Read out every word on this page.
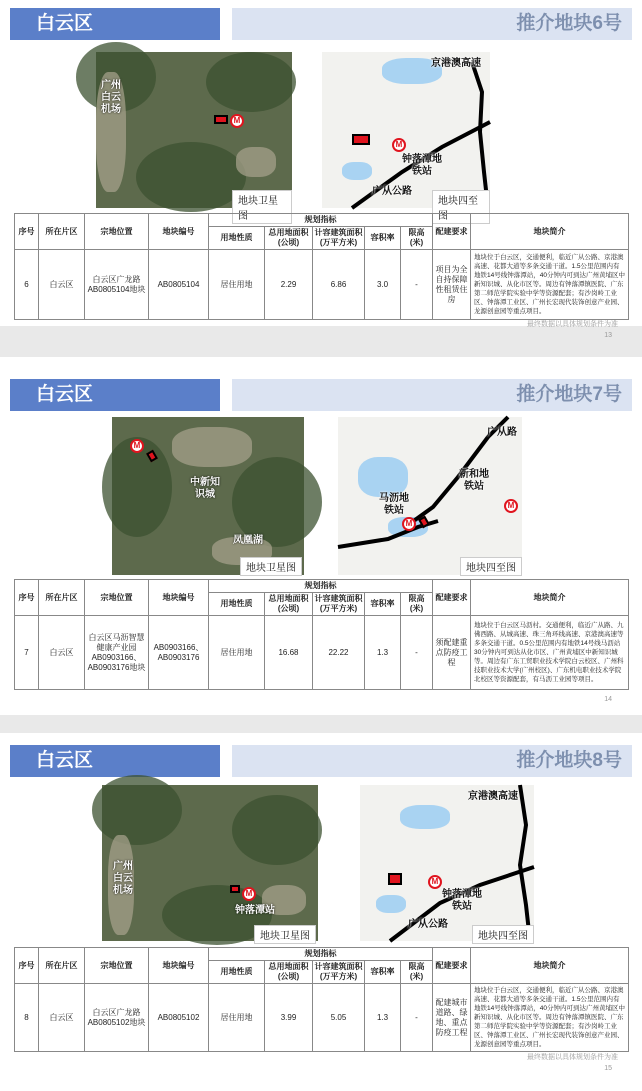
白云区	推介地块6号
广州白云机场
M
地块卫星图
京港澳高速
钟落潭地铁站
广从公路
M
地块四至图
序号	所在片区	宗地位置	地块编号	规划指标					配建要求	地块简介
				用地性质	总用地面积(公顷)	计容建筑面积(万平方米)	容积率	限高(米)		
6	白云区	白云区广龙路AB0805104地块	AB0805104	居住用地	2.29	6.86	3.0	-	项目为全自持保障性租赁住房	地块位于白云区，交通便利，临近广从公路、京港澳高速、花都大道等多条交通干道。1.5公里范围内有地铁14号线钟落潭站，40分钟内可到达广州黄埔区中新知识城、从化市区等。周边有钟落潭镇医院、广东第二师范学院实验中学等资源配套；有沙岗岭工业区、钟落潭工业区、广州长宏现代装饰创意产业园、龙源创意园等重点项目。
最终数据以具体规划条件为准
13
白云区	推介地块7号
中新知识城
凤凰湖
M
地块卫星图
广从路
新和地铁站
马沥地铁站
M
M
地块四至图
序号	所在片区	宗地位置	地块编号	规划指标					配建要求	地块简介
				用地性质	总用地面积(公顷)	计容建筑面积(万平方米)	容积率	限高(米)		
7	白云区	白云区马沥智慧健康产业园AB0903166、AB0903176地块	AB0903166、AB0903176	居住用地	16.68	22.22	1.3	-	须配建重点防疫工程	地块位于白云区马沥村。交通便利，临近广从路、九佛西路、从城高速、珠三角环线高速、京港澳高速等多条交通干道。0.5公里范围内有地铁14号线马沥站30分钟内可到达从化市区、广州黄埔区中新知识城等。周边有广东工贸职业技术学院白云校区、广州科技职业技术大学(广州校区)、广东机电职业技术学院北校区等资源配套，有马沥工业园等项目。
14
白云区	推介地块8号
广州白云机场
钟落潭站
M
地块卫星图
京港澳高速
钟落潭地铁站
广从公路
M
地块四至图
序号	所在片区	宗地位置	地块编号	规划指标					配建要求	地块简介
				用地性质	总用地面积(公顷)	计容建筑面积(万平方米)	容积率	限高(米)		
8	白云区	白云区广龙路AB0805102地块	AB0805102	居住用地	3.99	5.05	1.3	-	配建城市道路、绿地、重点防疫工程	地块位于白云区，交通便利，临近广从公路、京港澳高速、花都大道等多条交通干道。1.5公里范围内有地铁14号线钟落潭站，40分钟内可到达广州黄埔区中新知识城、从化市区等。周边有钟落潭镇医院、广东第二师范学院实验中学等资源配套；有沙岗岭工业区、钟落潭工业区、广州长宏现代装饰创意产业园、龙源创意园等重点项目。
最终数据以具体规划条件为准
15
